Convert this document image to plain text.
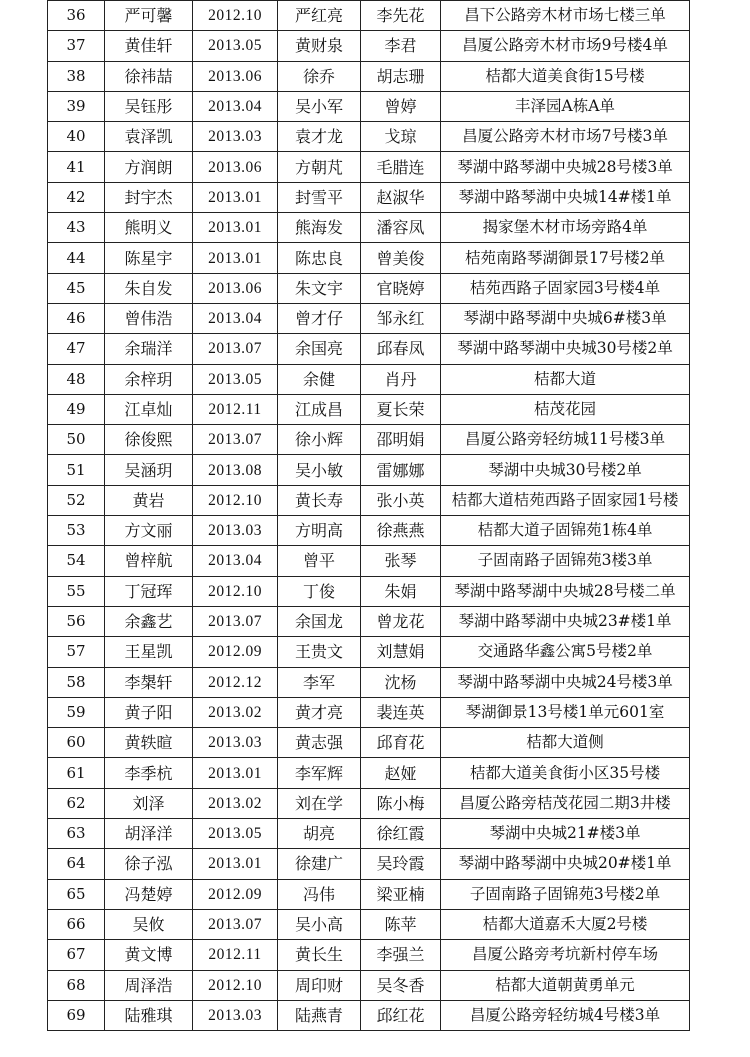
36	严可馨	2012.10	严红亮	李先花	昌下公路旁木材市场七楼三单
37	黄佳轩	2013.05	黄财泉	李君	昌厦公路旁木材市场9号楼4单
38	徐祎喆	2013.06	徐乔	胡志珊	桔都大道美食街15号楼
39	吴钰彤	2013.04	吴小军	曾婷	丰泽园A栋A单
40	袁泽凯	2013.03	袁才龙	戈琼	昌厦公路旁木材市场7号楼3单
41	方润朗	2013.06	方朝芃	毛腊连	琴湖中路琴湖中央城28号楼3单
42	封宇杰	2013.01	封雪平	赵淑华	琴湖中路琴湖中央城14#楼1单
43	熊明义	2013.01	熊海发	潘容凤	揭家堡木材市场旁路4单
44	陈星宇	2013.01	陈忠良	曾美俊	桔苑南路琴湖御景17号楼2单
45	朱自发	2013.06	朱文宇	官晓婷	桔苑西路子固家园3号楼4单
46	曾伟浩	2013.04	曾才仔	邹永红	琴湖中路琴湖中央城6#楼3单
47	余瑞洋	2013.07	余国亮	邱春凤	琴湖中路琴湖中央城30号楼2单
48	余梓玥	2013.05	余健	肖丹	桔都大道
49	江卓灿	2012.11	江成昌	夏长荣	桔茂花园
50	徐俊熙	2013.07	徐小辉	邵明娟	昌厦公路旁轻纺城11号楼3单
51	吴涵玥	2013.08	吴小敏	雷娜娜	琴湖中央城30号楼2单
52	黄岩	2012.10	黄长寿	张小英	桔都大道桔苑西路子固家园1号楼
53	方文丽	2013.03	方明高	徐燕燕	桔都大道子固锦苑1栋4单
54	曾梓航	2013.04	曾平	张琴	子固南路子固锦苑3楼3单
55	丁冠珲	2012.10	丁俊	朱娟	琴湖中路琴湖中央城28号楼二单
56	余鑫艺	2013.07	余国龙	曾龙花	琴湖中路琴湖中央城23#楼1单
57	王星凯	2012.09	王贵文	刘慧娟	交通路华鑫公寓5号楼2单
58	李槼轩	2012.12	李军	沈杨	琴湖中路琴湖中央城24号楼3单
59	黄子阳	2013.02	黄才亮	裴连英	琴湖御景13号楼1单元601室
60	黄轶暄	2013.03	黄志强	邱育花	桔都大道侧
61	李季杭	2013.01	李军辉	赵娅	桔都大道美食街小区35号楼
62	刘泽	2013.02	刘在学	陈小梅	昌厦公路旁桔茂花园二期3井楼
63	胡泽洋	2013.05	胡亮	徐红霞	琴湖中央城21#楼3单
64	徐子泓	2013.01	徐建广	吴玲霞	琴湖中路琴湖中央城20#楼1单
65	冯楚婷	2012.09	冯伟	梁亚楠	子固南路子固锦苑3号楼2单
66	吴攸	2013.07	吴小高	陈苹	桔都大道嘉禾大厦2号楼
67	黄文博	2012.11	黄长生	李强兰	昌厦公路旁考坑新村停车场
68	周泽浩	2012.10	周印财	吴冬香	桔都大道朝黄勇单元
69	陆雅琪	2013.03	陆燕青	邱红花	昌厦公路旁轻纺城4号楼3单
